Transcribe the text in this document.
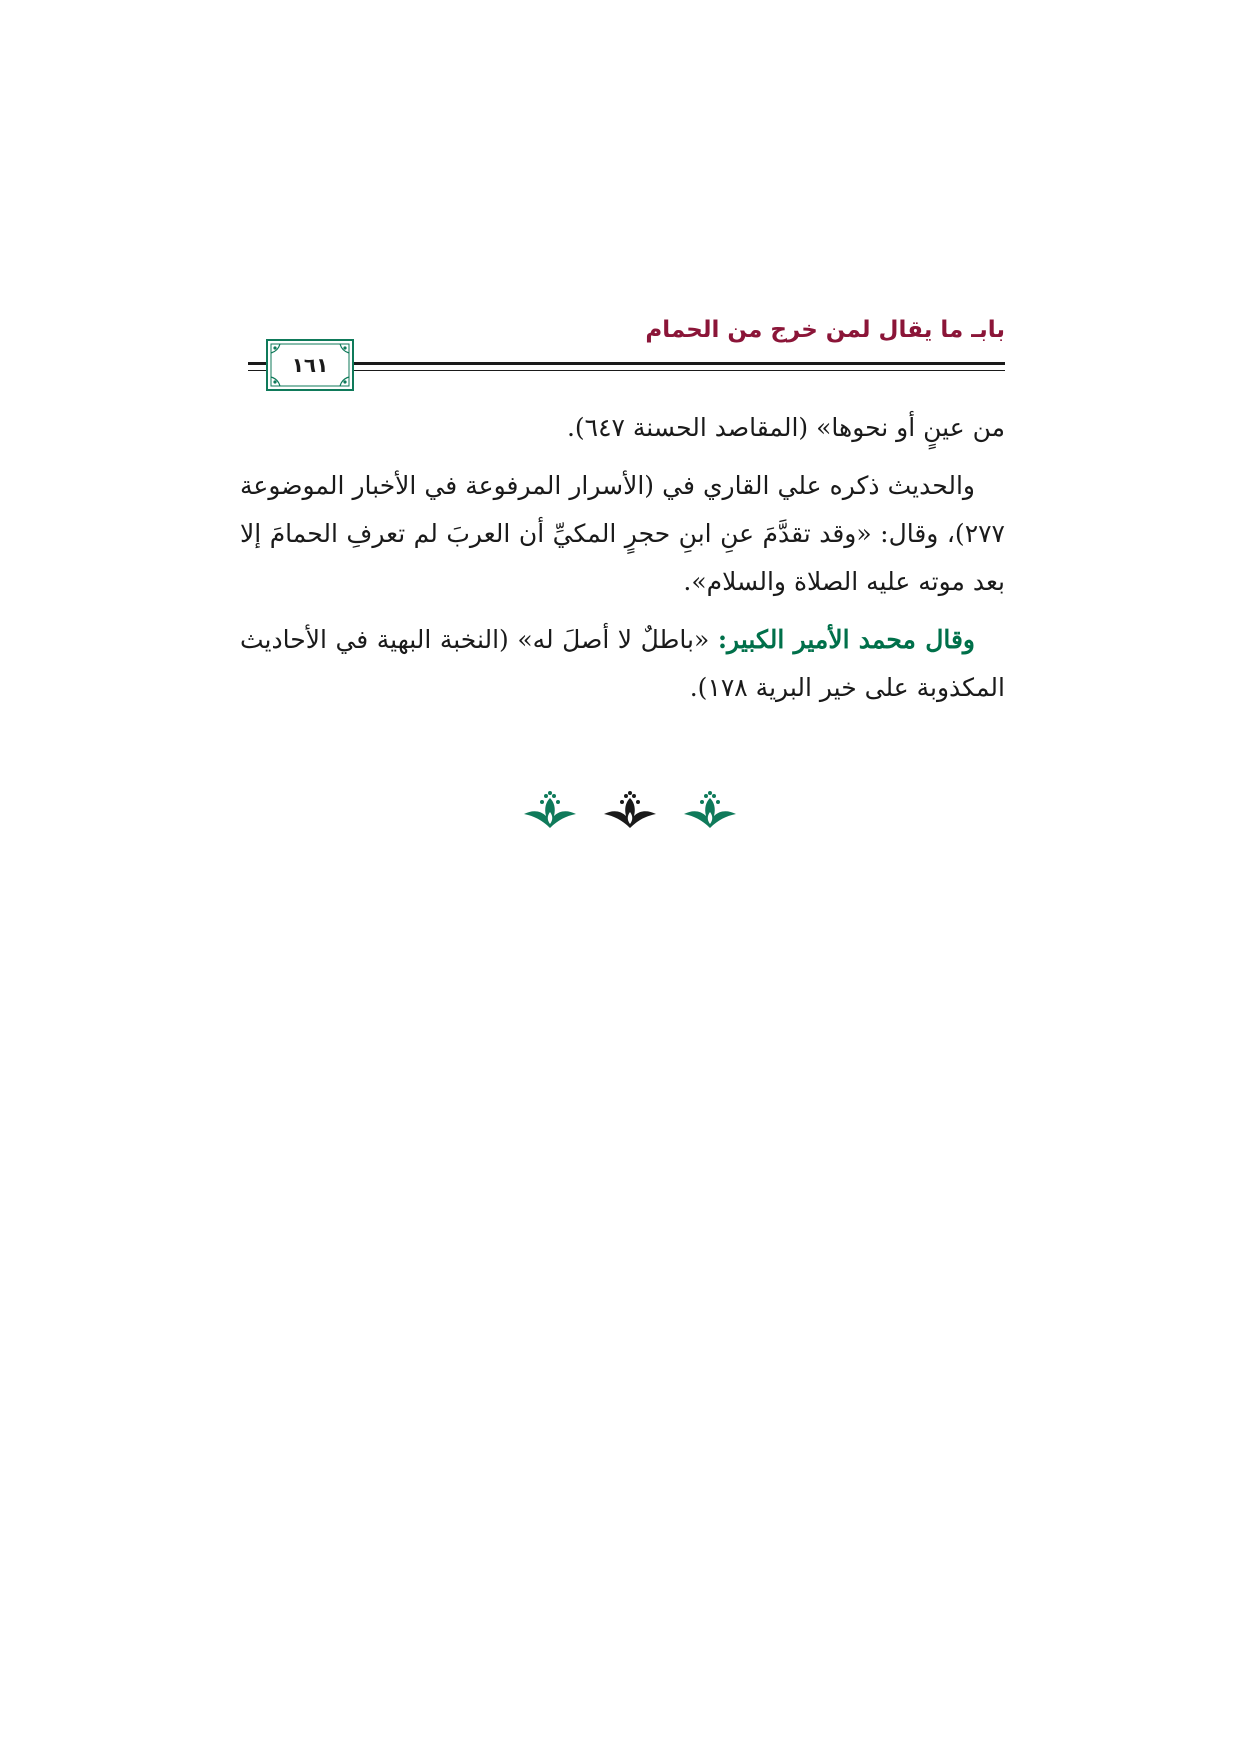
بابـ ما يقال لمن خرج من الحمام
١٦١

من عينٍ أو نحوها» (المقاصد الحسنة ٦٤٧).

والحديث ذكره علي القاري في (الأسرار المرفوعة في الأخبار الموضوعة ٢٧٧)، وقال: «وقد تقدَّمَ عنِ ابنِ حجرٍ المكيِّ أن العربَ لم تعرفِ الحمامَ إلا بعد موته عليه الصلاة والسلام».

وقال محمد الأمير الكبير: «باطلٌ لا أصلَ له» (النخبة البهية في الأحاديث المكذوبة على خير البرية ١٧٨).
